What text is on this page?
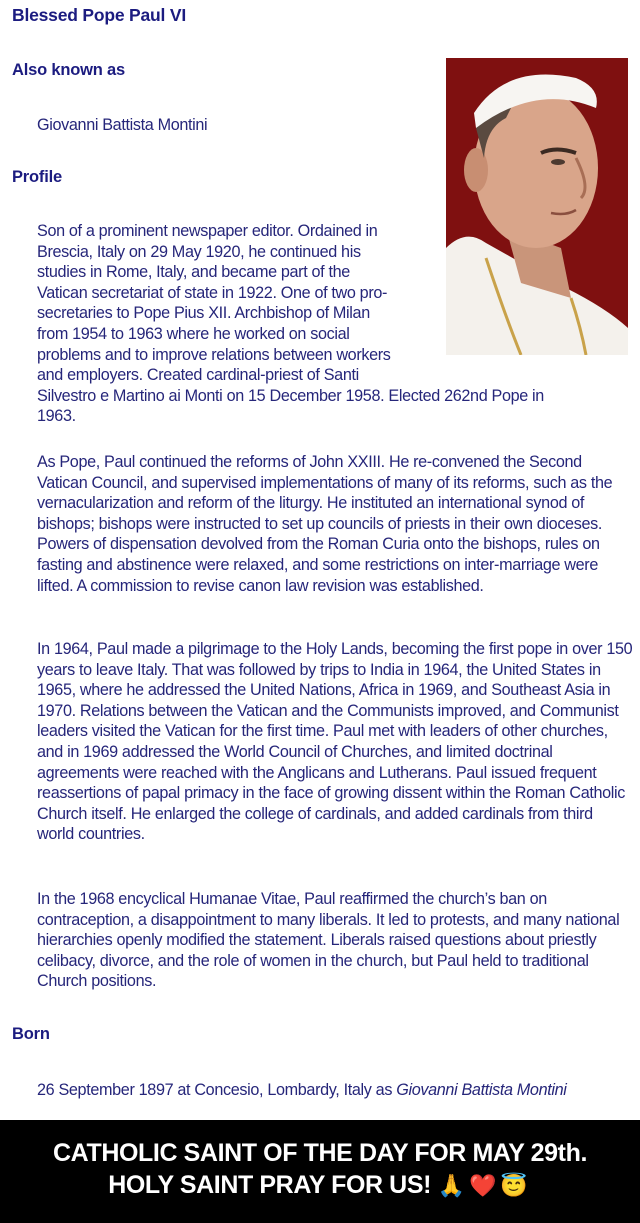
Blessed Pope Paul VI
Also known as
Giovanni Battista Montini
Profile
Son of a prominent newspaper editor. Ordained in
Brescia, Italy on 29 May 1920, he continued his
studies in Rome, Italy, and became part of the
Vatican secretariat of state in 1922. One of two pro-
secretaries to Pope Pius XII. Archbishop of Milan
from 1954 to 1963 where he worked on social
problems and to improve relations between workers
and employers. Created cardinal-priest of Santi
Silvestro e Martino ai Monti on 15 December 1958. Elected 262nd Pope in
1963.

As Pope, Paul continued the reforms of John XXIII. He re-convened the Second Vatican Council, and supervised implementations of many of its reforms, such as the vernacularization and reform of the liturgy. He instituted an international synod of bishops; bishops were instructed to set up councils of priests in their own dioceses. Powers of dispensation devolved from the Roman Curia onto the bishops, rules on fasting and abstinence were relaxed, and some restrictions on inter-marriage were lifted. A commission to revise canon law revision was established.

In 1964, Paul made a pilgrimage to the Holy Lands, becoming the first pope in over 150 years to leave Italy. That was followed by trips to India in 1964, the United States in 1965, where he addressed the United Nations, Africa in 1969, and Southeast Asia in 1970. Relations between the Vatican and the Communists improved, and Communist leaders visited the Vatican for the first time. Paul met with leaders of other churches, and in 1969 addressed the World Council of Churches, and limited doctrinal agreements were reached with the Anglicans and Lutherans. Paul issued frequent reassertions of papal primacy in the face of growing dissent within the Roman Catholic Church itself. He enlarged the college of cardinals, and added cardinals from third world countries.

In the 1968 encyclical Humanae Vitae, Paul reaffirmed the church’s ban on contraception, a disappointment to many liberals. It led to protests, and many national hierarchies openly modified the statement. Liberals raised questions about priestly celibacy, divorce, and the role of women in the church, but Paul held to traditional Church positions.

Born
26 September 1897 at Concesio, Lombardy, Italy as Giovanni Battista Montini
CATHOLIC SAINT OF THE DAY FOR MAY 29th.
HOLY SAINT PRAY FOR US! 🙏❤️😇
